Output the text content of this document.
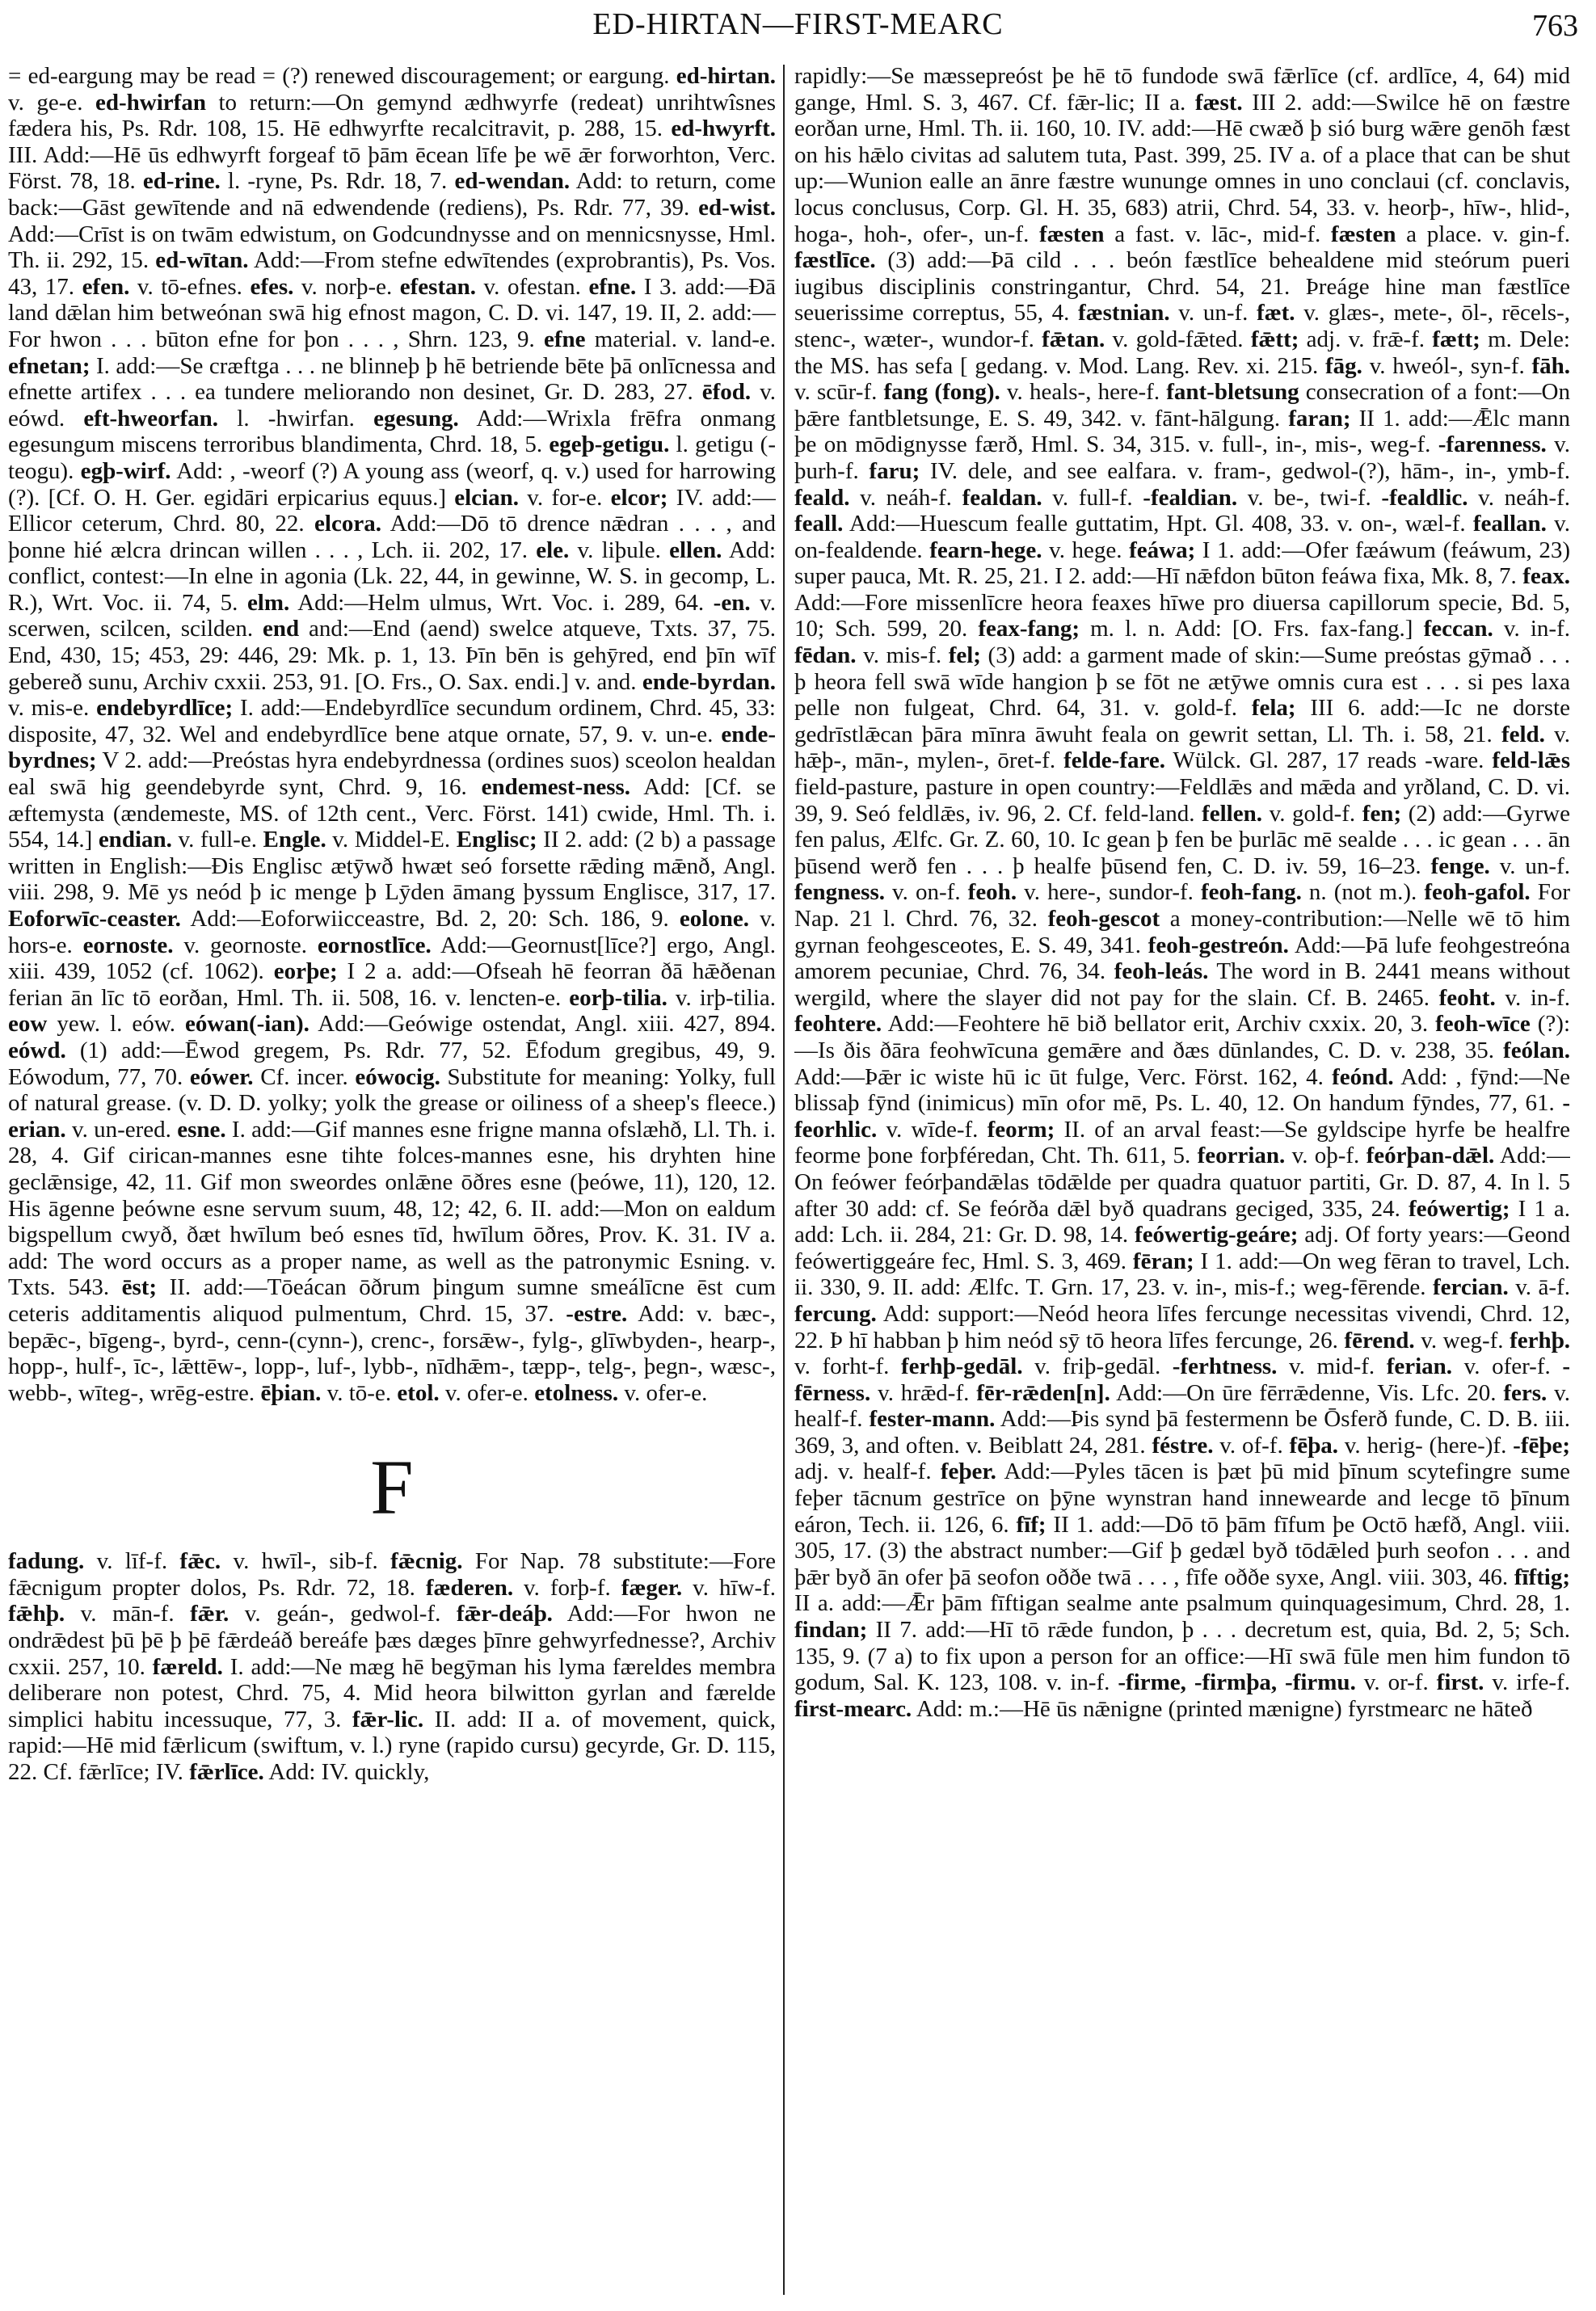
ED-HIRTAN—FIRST-MEARC	763
= ed-eargung may be read = (?) renewed discouragement; or eargung. ed-hirtan. v. ge-e. ed-hwirfan to return:—On gemynd ædhwyrfe (redeat) unrihtwîsnes fædera his, Ps. Rdr. 108, 15. Hē edhwyrfte recalcitravit, p. 288, 15. ed-hwyrft. III. Add:—Hē ūs edhwyrft forgeaf tō þām ēcean līfe þe wē ǣr forworhton, Verc. Först. 78, 18. ed-rine. l. -ryne, Ps. Rdr. 18, 7. ed-wendan. Add: to return, come back:—Gāst gewītende and nā edwendende (rediens), Ps. Rdr. 77, 39. ed-wist. Add:—Crīst is on twām edwistum, on Godcundnysse and on mennicsnysse, Hml. Th. ii. 292, 15. ed-wītan. Add:—From stefne edwītendes (exprobrantis), Ps. Vos. 43, 17. efen. v. tō-efnes. efes. v. norþ-e. efestan. v. ofestan. efne. I 3. add:—Ðā land dǣlan him betweónan swā hig efnost magon, C. D. vi. 147, 19. II, 2. add:—For hwon . . . būton efne for þon . . . , Shrn. 123, 9. efne material. v. land-e. efnetan; I. add:—Se cræftga . . . ne blinneþ þ hē betriende bēte þā onlīcnessa and efnette artifex . . . ea tundere meliorando non desinet, Gr. D. 283, 27. ēfod. v. eówd. eft-hweorfan. l. -hwirfan. egesung. Add:—Wrixla frēfra onmang egesungum miscens terroribus blandimenta, Chrd. 18, 5. egeþ-getigu. l. getigu (-teogu). egþ-wirf. Add: , -weorf (?) A young ass (weorf, q. v.) used for harrowing (?). [Cf. O. H. Ger. egidāri erpicarius equus.] elcian. v. for-e. elcor; IV. add:—Ellicor ceterum, Chrd. 80, 22. elcora. Add:—Dō tō drence nǣdran . . . , and þonne hié ælcra drincan willen . . . , Lch. ii. 202, 17. ele. v. liþule. ellen. Add: conflict, contest:—In elne in agonia (Lk. 22, 44, in gewinne, W. S. in gecomp, L. R.), Wrt. Voc. ii. 74, 5. elm. Add:—Helm ulmus, Wrt. Voc. i. 289, 64. -en. v. scerwen, scilcen, scilden. end and:—End (aend) swelce atqueve, Txts. 37, 75. End, 430, 15; 453, 29: 446, 29: Mk. p. 1, 13. Þīn bēn is gehȳred, end þīn wīf gebereð sunu, Archiv cxxii. 253, 91. [O. Frs., O. Sax. endi.] v. and. ende-byrdan. v. mis-e. endebyrdlīce; I. add:—Endebyrdlīce secundum ordinem, Chrd. 45, 33: disposite, 47, 32. Wel and endebyrdlīce bene atque ornate, 57, 9. v. un-e. ende-byrdnes; V 2. add:—Preóstas hyra endebyrdnessa (ordines suos) sceolon healdan eal swā hig geendebyrde synt, Chrd. 9, 16. endemest-ness. Add: [Cf. se æftemysta (ændemeste, MS. of 12th cent., Verc. Först. 141) cwide, Hml. Th. i. 554, 14.] endian. v. full-e. Engle. v. Middel-E. Englisc; II 2. add: (2 b) a passage written in English:—Ðis Englisc ætȳwð hwæt seó forsette rǣding mǣnð, Angl. viii. 298, 9. Mē ys neód þ ic menge þ Lȳden āmang þyssum Englisce, 317, 17. Eoforwīc-ceaster. Add:—Eoforwiicceastre, Bd. 2, 20: Sch. 186, 9. eolone. v. hors-e. eornoste. v. geornoste. eornostlīce. Add:—Geornust[līce?] ergo, Angl. xiii. 439, 1052 (cf. 1062). eorþe; I 2 a. add:—Ofseah hē feorran ðā hǣðenan ferian ān līc tō eorðan, Hml. Th. ii. 508, 16. v. lencten-e. eorþ-tilia. v. irþ-tilia. eow yew. l. eów. eówan(-ian). Add:—Geówige ostendat, Angl. xiii. 427, 894. eówd. (1) add:—Ēwod gregem, Ps. Rdr. 77, 52. Ēfodum gregibus, 49, 9. Eówodum, 77, 70. eówer. Cf. incer. eówocig. Substitute for meaning: Yolky, full of natural grease. (v. D. D. yolky; yolk the grease or oiliness of a sheep's fleece.) erian. v. un-ered. esne. I. add:—Gif mannes esne frigne manna ofslæhð, Ll. Th. i. 28, 4. Gif cirican-mannes esne tihte folces-mannes esne, his dryhten hine geclǣnsige, 42, 11. Gif mon sweordes onlǣne ōðres esne (þeówe, 11), 120, 12. His āgenne þeówne esne servum suum, 48, 12; 42, 6. II. add:—Mon on ealdum bigspellum cwyð, ðæt hwīlum beó esnes tīd, hwīlum ōðres, Prov. K. 31. IV a. add: The word occurs as a proper name, as well as the patronymic Esning. v. Txts. 543. ēst; II. add:—Tōeácan ōðrum þingum sumne smeálīcne ēst cum ceteris additamentis aliquod pulmentum, Chrd. 15, 37. -estre. Add: v. bæc-, bepǣc-, bīgeng-, byrd-, cenn-(cynn-), crenc-, forsǣw-, fylg-, glīwbyden-, hearp-, hopp-, hulf-, īc-, lǣttēw-, lopp-, luf-, lybb-, nīdhǣm-, tæpp-, telg-, þegn-, wæsc-, webb-, wīteg-, wrēg-estre. ēþian. v. tō-e. etol. v. ofer-e. etolness. v. ofer-e.
F
fadung. v. līf-f. fǣc. v. hwīl-, sib-f. fǣcnig. For Nap. 78 substitute:—Fore fǣcnigum propter dolos, Ps. Rdr. 72, 18. fæderen. v. forþ-f. fæger. v. hīw-f. fǣhþ. v. mān-f. fǣr. v. geán-, gedwol-f. fǣr-deáþ. Add:—For hwon ne ondrǣdest þū þē þ þē fǣrdeáð bereáfe þæs dæges þīnre gehwyrfednesse?, Archiv cxxii. 257, 10. færeld. I. add:—Ne mæg hē begȳman his lyma færeldes membra deliberare non potest, Chrd. 75, 4. Mid heora bilwitton gyrlan and færelde simplici habitu incessuque, 77, 3. fǣr-lic. II. add: II a. of movement, quick, rapid:—Hē mid fǣrlicum (swiftum, v. l.) ryne (rapido cursu) gecyrde, Gr. D. 115, 22. Cf. fǣrlīce; IV. fǣrlīce. Add: IV. quickly,
rapidly:—Se mæssepreóst þe hē tō fundode swā fǣrlīce (cf. ardlīce, 4, 64) mid gange, Hml. S. 3, 467. Cf. fǣr-lic; II a. fæst. III 2. add:—Swilce hē on fæstre eorðan urne, Hml. Th. ii. 160, 10. IV. add:—Hē cwæð þ sió burg wǣre genōh fæst on his hǣlo civitas ad salutem tuta, Past. 399, 25. IV a. of a place that can be shut up:—Wunion ealle an ānre fæstre wununge omnes in uno conclaui (cf. conclavis, locus conclusus, Corp. Gl. H. 35, 683) atrii, Chrd. 54, 33. v. heorþ-, hīw-, hlid-, hoga-, hoh-, ofer-, un-f. fæsten a fast. v. lāc-, mid-f. fæsten a place. v. gin-f. fæstlīce. (3) add:—Þā cild . . . beón fæstlīce behealdene mid steórum pueri iugibus disciplinis constringantur, Chrd. 54, 21. Þreáge hine man fæstlīce seuerissime correptus, 55, 4. fæstnian. v. un-f. fæt. v. glæs-, mete-, ōl-, rēcels-, stenc-, wæter-, wundor-f. fǣtan. v. gold-fǣted. fǣtt; adj. v. frǣ-f. fætt; m. Dele: the MS. has sefa [ gedang. v. Mod. Lang. Rev. xi. 215. fāg. v. hweól-, syn-f. fāh. v. scūr-f. fang (fong). v. heals-, here-f. fant-bletsung consecration of a font:—On þǣre fantbletsunge, E. S. 49, 342. v. fānt-hālgung. faran; II 1. add:—Ǣlc mann þe on mōdignysse færð, Hml. S. 34, 315. v. full-, in-, mis-, weg-f. -farenness. v. þurh-f. faru; IV. dele, and see ealfara. v. fram-, gedwol-(?), hām-, in-, ymb-f. feald. v. neáh-f. fealdan. v. full-f. -fealdian. v. be-, twi-f. -fealdlic. v. neáh-f. feall. Add:—Huescum fealle guttatim, Hpt. Gl. 408, 33. v. on-, wæl-f. feallan. v. on-fealdende. fearn-hege. v. hege. feáwa; I 1. add:—Ofer fæáwum (feáwum, 23) super pauca, Mt. R. 25, 21. I 2. add:—Hī nǣfdon būton feáwa fixa, Mk. 8, 7. feax. Add:—Fore missenlīcre heora feaxes hīwe pro diuersa capillorum specie, Bd. 5, 10; Sch. 599, 20. feax-fang; m. l. n. Add: [O. Frs. fax-fang.] feccan. v. in-f. fēdan. v. mis-f. fel; (3) add: a garment made of skin:—Sume preóstas gȳmað . . . þ heora fell swā wīde hangion þ se fōt ne ætȳwe omnis cura est . . . si pes laxa pelle non fulgeat, Chrd. 64, 31. v. gold-f. fela; III 6. add:—Ic ne dorste gedrīstlǣcan þāra mīnra āwuht feala on gewrit settan, Ll. Th. i. 58, 21. feld. v. hǣþ-, mān-, mylen-, ōret-f. felde-fare. Wülck. Gl. 287, 17 reads -ware. feld-lǣs field-pasture, pasture in open country:—Feldlǣs and mǣda and yrðland, C. D. vi. 39, 9. Seó feldlǣs, iv. 96, 2. Cf. feld-land. fellen. v. gold-f. fen; (2) add:—Gyrwe fen palus, Ælfc. Gr. Z. 60, 10. Ic gean þ fen be þurlāc mē sealde . . . ic gean . . . ān þūsend werð fen . . . þ healfe þūsend fen, C. D. iv. 59, 16–23. fenge. v. un-f. fengness. v. on-f. feoh. v. here-, sundor-f. feoh-fang. n. (not m.). feoh-gafol. For Nap. 21 l. Chrd. 76, 32. feoh-gescot a money-contribution:—Nelle wē tō him gyrnan feohgesceotes, E. S. 49, 341. feoh-gestreón. Add:—Þā lufe feohgestreóna amorem pecuniae, Chrd. 76, 34. feoh-leás. The word in B. 2441 means without wergild, where the slayer did not pay for the slain. Cf. B. 2465. feoht. v. in-f. feohtere. Add:—Feohtere hē bið bellator erit, Archiv cxxix. 20, 3. feoh-wīce (?):—Is ðis ðāra feohwīcuna gemǣre and ðæs dūnlandes, C. D. v. 238, 35. feólan. Add:—Þǣr ic wiste hū ic ūt fulge, Verc. Först. 162, 4. feónd. Add: , fȳnd:—Ne blissaþ fȳnd (inimicus) mīn ofor mē, Ps. L. 40, 12. On handum fȳndes, 77, 61. -feorhlic. v. wīde-f. feorm; II. of an arval feast:—Se gyldscipe hyrfe be healfre feorme þone forþféredan, Cht. Th. 611, 5. feorrian. v. oþ-f. feórþan-dǣl. Add:—On feówer feórþandǣlas tōdǣlde per quadra quatuor partiti, Gr. D. 87, 4. In l. 5 after 30 add: cf. Se feórða dǣl byð quadrans geciged, 335, 24. feówertig; I 1 a. add: Lch. ii. 284, 21: Gr. D. 98, 14. feówertig-geáre; adj. Of forty years:—Geond feówertiggeáre fec, Hml. S. 3, 469. fēran; I 1. add:—On weg fēran to travel, Lch. ii. 330, 9. II. add: Ælfc. T. Grn. 17, 23. v. in-, mis-f.; weg-fērende. fercian. v. ā-f. fercung. Add: support:—Neód heora līfes fercunge necessitas vivendi, Chrd. 12, 22. Þ hī habban þ him neód sȳ tō heora līfes fercunge, 26. fērend. v. weg-f. ferhþ. v. forht-f. ferhþ-gedāl. v. friþ-gedāl. -ferhtness. v. mid-f. ferian. v. ofer-f. -fērness. v. hrǣd-f. fēr-rǣden[n]. Add:—On ūre fērrǣdenne, Vis. Lfc. 20. fers. v. healf-f. fester-mann. Add:—Þis synd þā festermenn be Ōsferð funde, C. D. B. iii. 369, 3, and often. v. Beiblatt 24, 281. féstre. v. of-f. fēþa. v. herig- (here-)f. -fēþe; adj. v. healf-f. feþer. Add:—Pyles tācen is þæt þū mid þīnum scytefingre sume feþer tācnum gestrīce on þȳne wynstran hand innewearde and lecge tō þīnum eáron, Tech. ii. 126, 6. fīf; II 1. add:—Dō tō þām fīfum þe Octō hæfð, Angl. viii. 305, 17. (3) the abstract number:—Gif þ gedæl byð tōdǣled þurh seofon . . . and þǣr byð ān ofer þā seofon oððe twā . . . , fīfe oððe syxe, Angl. viii. 303, 46. fīftig; II a. add:—Ǣr þām fīftigan sealme ante psalmum quinquagesimum, Chrd. 28, 1. findan; II 7. add:—Hī tō rǣde fundon, þ . . . decretum est, quia, Bd. 2, 5; Sch. 135, 9. (7 a) to fix upon a person for an office:—Hī swā fūle men him fundon tō godum, Sal. K. 123, 108. v. in-f. -firme, -firmþa, -firmu. v. or-f. first. v. irfe-f. first-mearc. Add: m.:—Hē ūs nǣnigne (printed mænigne) fyrstmearc ne hāteð
